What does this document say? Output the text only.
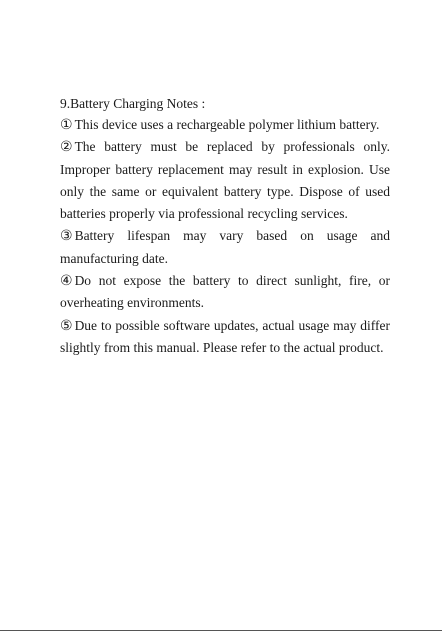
9.Battery Charging Notes :

① This device uses a rechargeable polymer lithium battery.

② The battery must be replaced by professionals only. Improper battery replacement may result in explosion. Use only the same or equivalent battery type. Dispose of used batteries properly via professional recycling services.

③ Battery lifespan may vary based on usage and manufacturing date.

④ Do not expose the battery to direct sunlight, fire, or overheating environments.

⑤ Due to possible software updates, actual usage may differ slightly from this manual. Please refer to the actual product.
